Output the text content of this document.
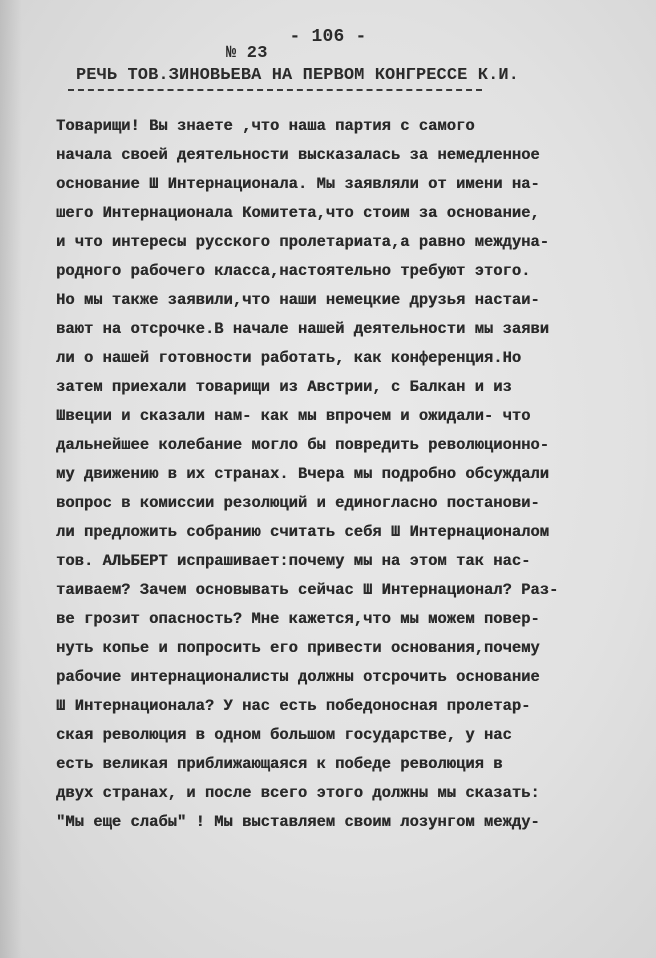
- 106 -
№ 23
РЕЧЬ ТОВ.ЗИНОВЬЕВА НА ПЕРВОМ КОНГРЕССЕ К.И.
Товарищи! Вы знаете ,что наша партия с самого
начала своей деятельности высказалась за немедленное
основание Ш Интернационала. Мы заявляли от имени на-
шего Интернационала Комитета,что стоим за основание,
и что интересы русского пролетариата,а равно междуна-
родного рабочего класса,настоятельно требуют этого.
Но мы также заявили,что наши немецкие друзья настаи-
вают на отсрочке.В начале нашей деятельности мы заяви
ли о нашей готовности работать, как конференция.Но
затем приехали товарищи из Австрии, с Балкан и из
Швеции и сказали нам- как мы впрочем и ожидали- что
дальнейшее колебание могло бы повредить революционно-
му движению в их странах. Вчера мы подробно обсуждали
вопрос в комиссии резолюций и единогласно постанови-
ли предложить собранию считать себя Ш Интернационалом
тов. АЛЬБЕРТ испрашивает:почему мы на этом так нас-
таиваем? Зачем основывать сейчас Ш Интернационал? Раз-
ве грозит опасность? Мне кажется,что мы можем повер-
нуть копье и попросить его привести основания,почему
рабочие интернационалисты должны отсрочить основание
Ш Интернационала? У нас есть победоносная пролетар-
ская революция в одном большом государстве, у нас
есть великая приближающаяся к победе революция в
двух странах, и после всего этого должны мы сказать:
"Мы еще слабы" ! Мы выставляем своим лозунгом между-
